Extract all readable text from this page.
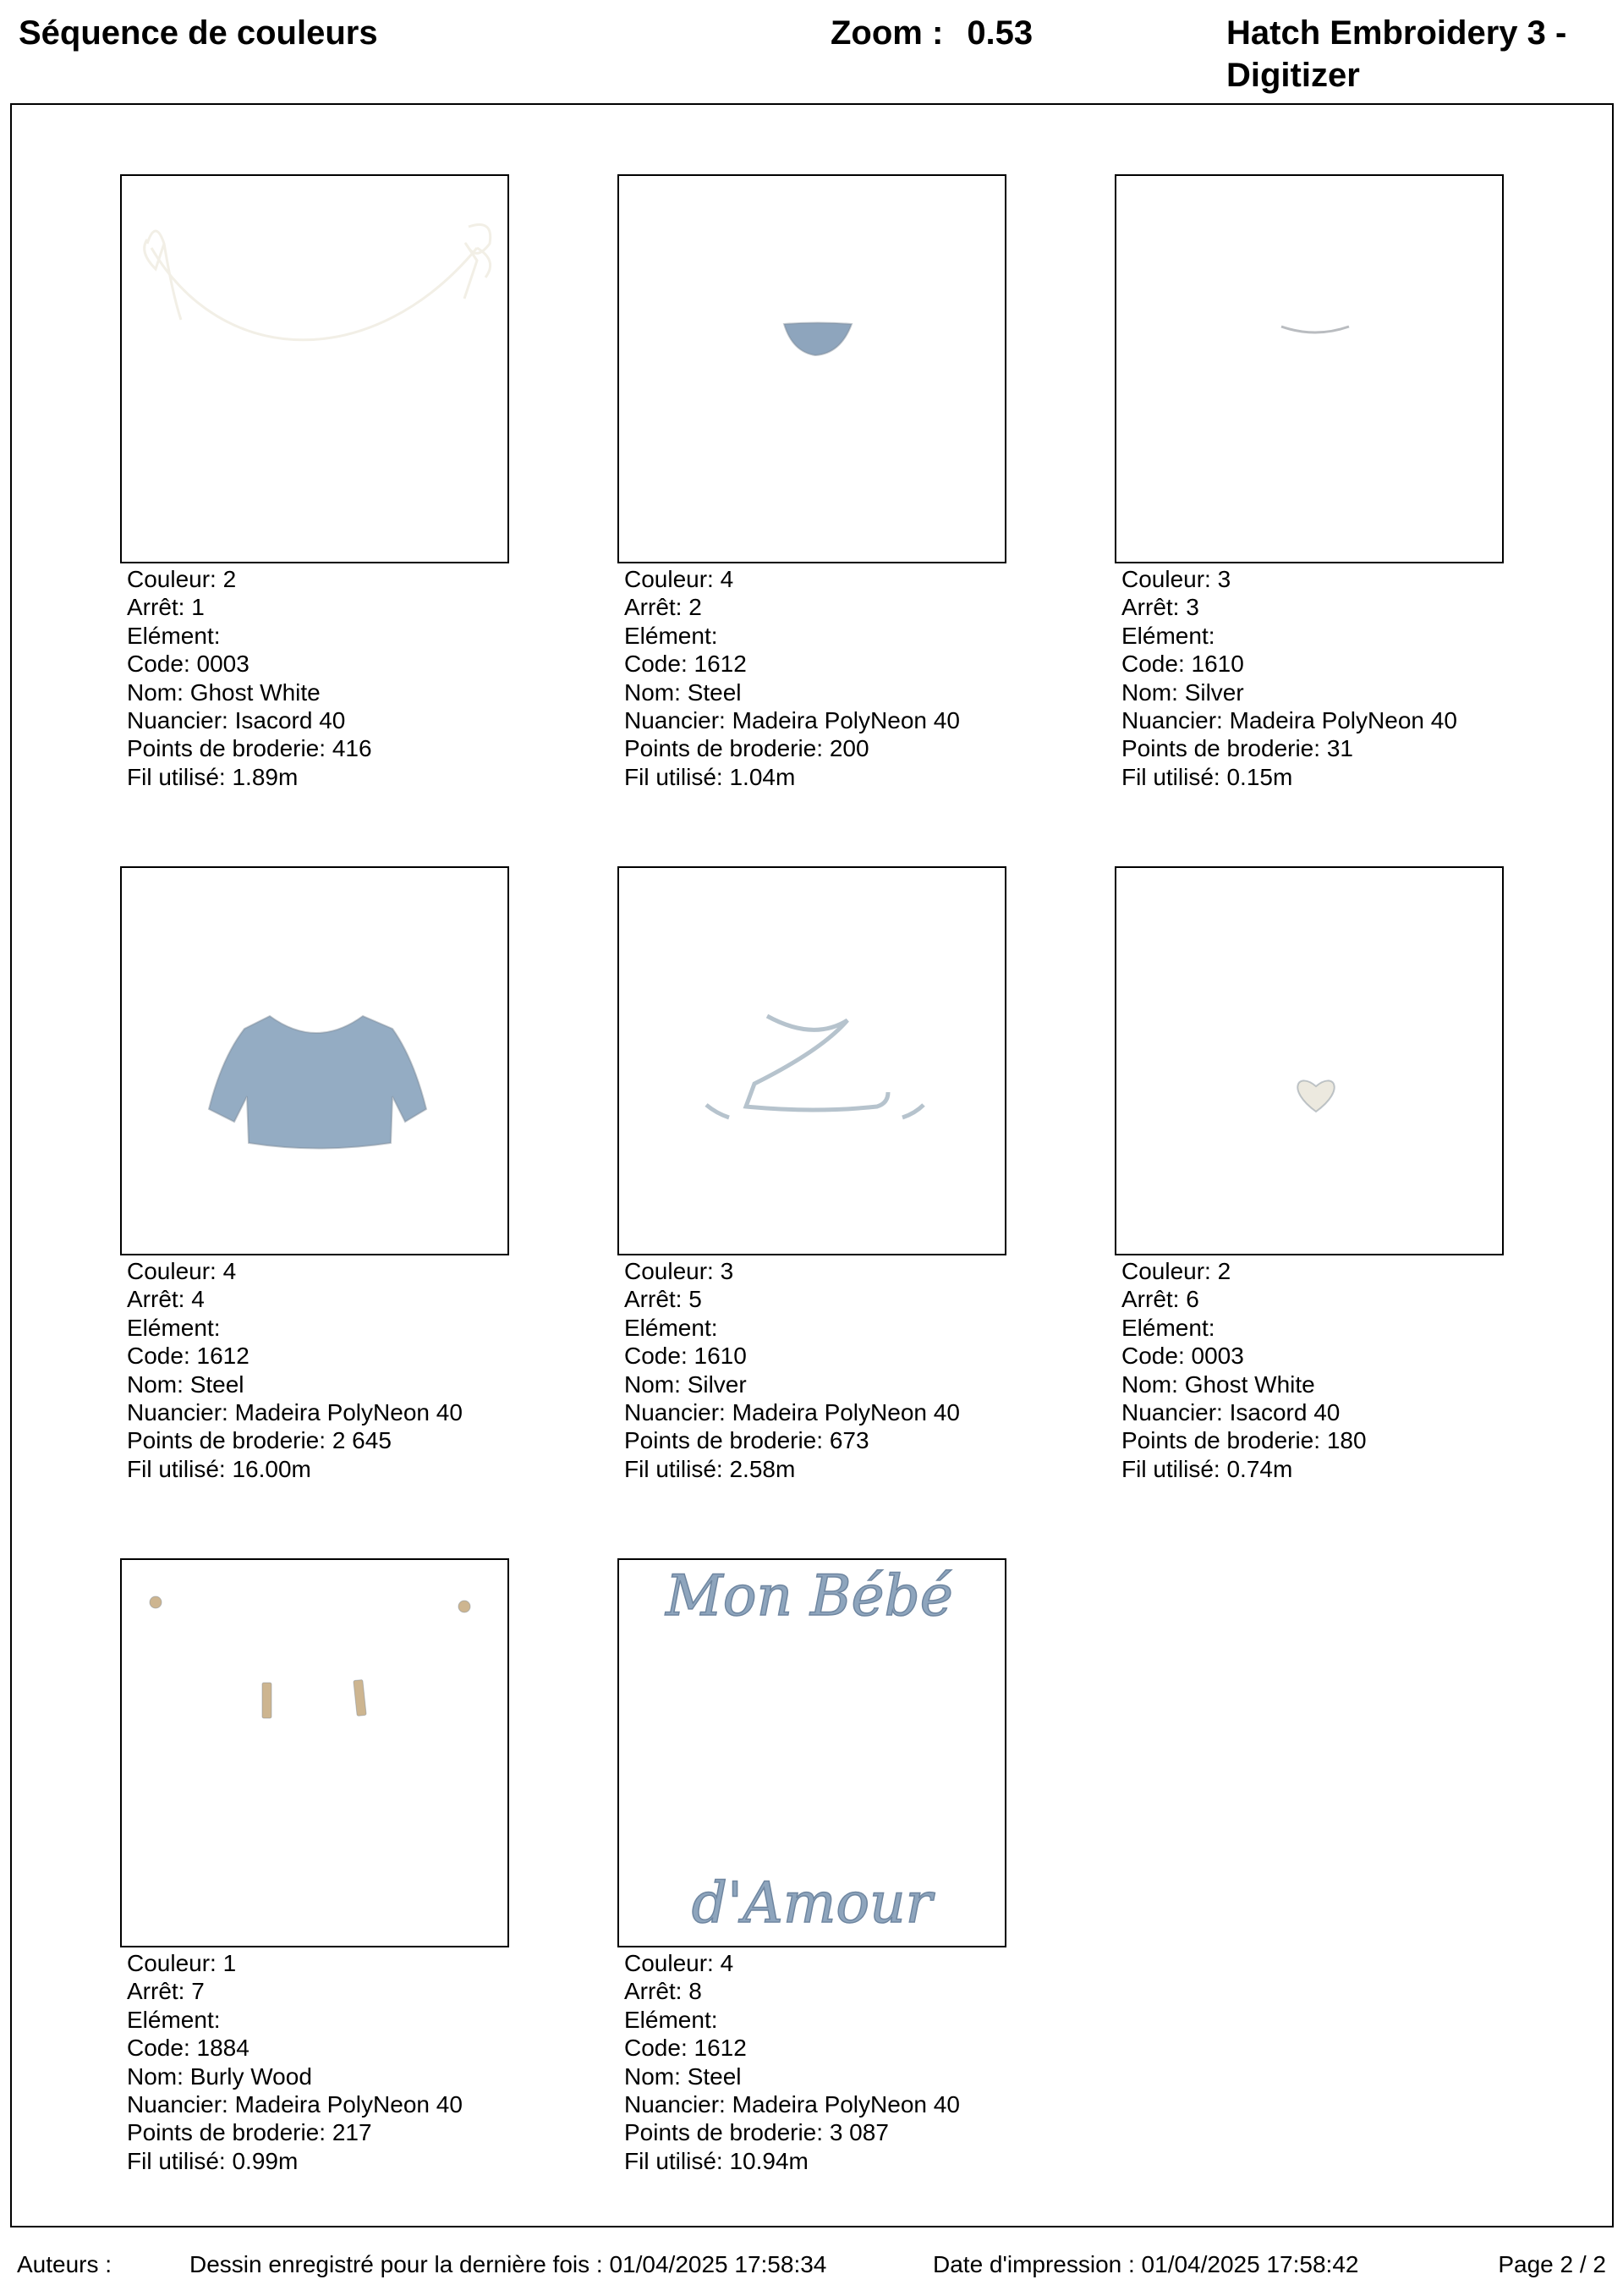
Séquence de couleurs	Zoom : 0.53	Hatch Embroidery 3 - Digitizer
Couleur: 2
Arrêt: 1
Elément:
Code: 0003
Nom: Ghost White
Nuancier: Isacord 40
Points de broderie: 416
Fil utilisé: 1.89m
Couleur: 4
Arrêt: 2
Elément:
Code: 1612
Nom: Steel
Nuancier: Madeira PolyNeon 40
Points de broderie: 200
Fil utilisé: 1.04m
Couleur: 3
Arrêt: 3
Elément:
Code: 1610
Nom: Silver
Nuancier: Madeira PolyNeon 40
Points de broderie: 31
Fil utilisé: 0.15m
Couleur: 4
Arrêt: 4
Elément:
Code: 1612
Nom: Steel
Nuancier: Madeira PolyNeon 40
Points de broderie: 2 645
Fil utilisé: 16.00m
Couleur: 3
Arrêt: 5
Elément:
Code: 1610
Nom: Silver
Nuancier: Madeira PolyNeon 40
Points de broderie: 673
Fil utilisé: 2.58m
Couleur: 2
Arrêt: 6
Elément:
Code: 0003
Nom: Ghost White
Nuancier: Isacord 40
Points de broderie: 180
Fil utilisé: 0.74m
Couleur: 1
Arrêt: 7
Elément:
Code: 1884
Nom: Burly Wood
Nuancier: Madeira PolyNeon 40
Points de broderie: 217
Fil utilisé: 0.99m
Mon Bébé
d'Amour
Couleur: 4
Arrêt: 8
Elément:
Code: 1612
Nom: Steel
Nuancier: Madeira PolyNeon 40
Points de broderie: 3 087
Fil utilisé: 10.94m
Auteurs :	Dessin enregistré pour la dernière fois : 01/04/2025 17:58:34	Date d'impression : 01/04/2025 17:58:42	Page 2 / 2
